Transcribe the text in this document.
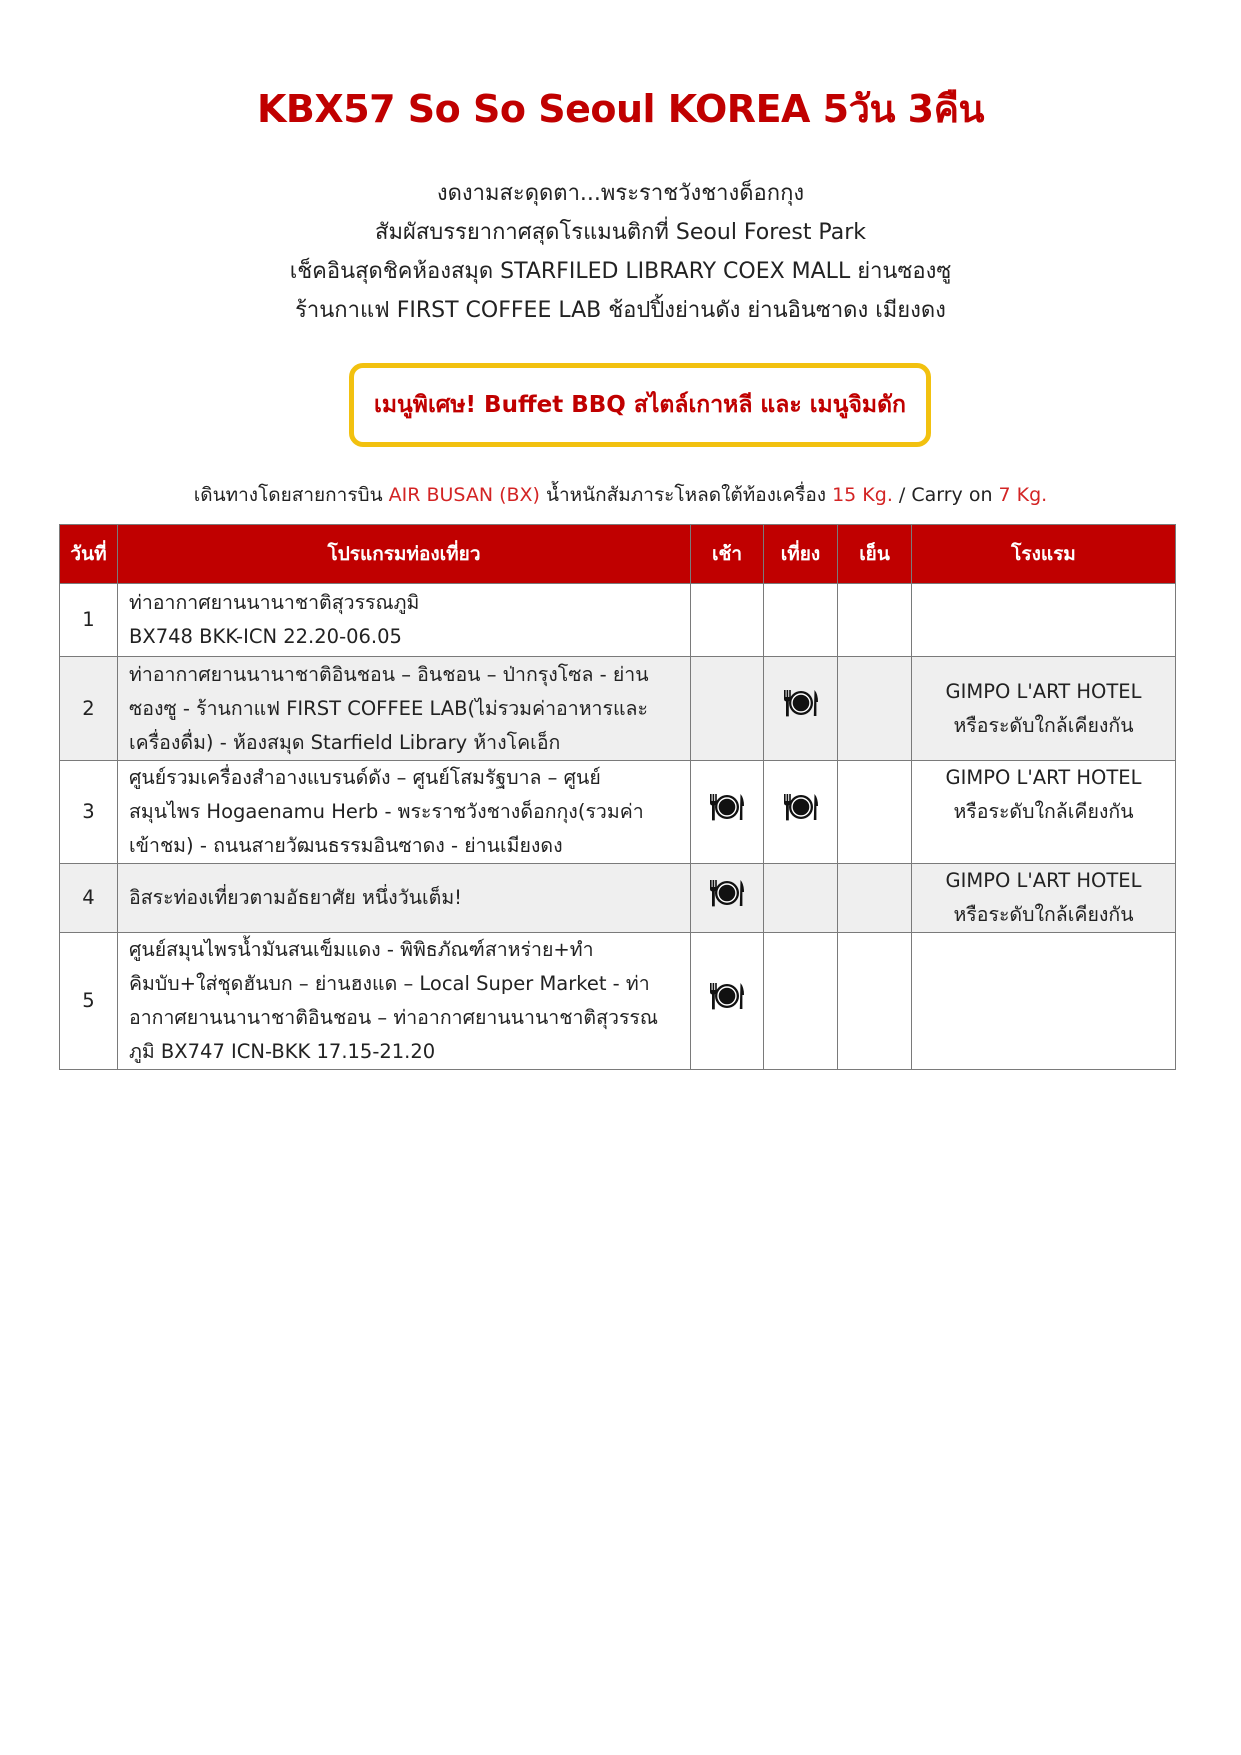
KBX57 So So Seoul KOREA 5วัน 3คืน
งดงามสะดุดตา...พระราชวังชางด็อกกุง
สัมผัสบรรยากาศสุดโรแมนติกที่ Seoul Forest Park
เช็คอินสุดชิคห้องสมุด STARFILED LIBRARY COEX MALL ย่านซองซู
ร้านกาแฟ FIRST COFFEE LAB ช้อปปิ้งย่านดัง ย่านอินซาดง เมียงดง
เมนูพิเศษ! Buffet BBQ สไตล์เกาหลี และ เมนูจิมดัก
เดินทางโดยสายการบิน AIR BUSAN (BX) น้ำหนักสัมภาระโหลดใต้ท้องเครื่อง 15 Kg. / Carry on 7 Kg.
วันที่	โปรแกรมท่องเที่ยว	เช้า	เที่ยง	เย็น	โรงแรม
1	ท่าอากาศยานนานาชาติสุวรรณภูมิ
BX748 BKK-ICN 22.20-06.05				

2	ท่าอากาศยานนานาชาติอินชอน – อินชอน – ป่ากรุงโซล - ย่าน
ซองซู - ร้านกาแฟ FIRST COFFEE LAB(ไม่รวมค่าอาหารและ
เครื่องดื่ม) - ห้องสมุด Starfield Library ห้างโคเอ็ก				GIMPO L'ART HOTEL
หรือระดับใกล้เคียงกัน

3	ศูนย์รวมเครื่องสำอางแบรนด์ดัง – ศูนย์โสมรัฐบาล – ศูนย์
สมุนไพร Hogaenamu Herb - พระราชวังชางด็อกกุง(รวมค่า
เข้าชม) - ถนนสายวัฒนธรรมอินซาดง - ย่านเมียงดง				GIMPO L'ART HOTEL
หรือระดับใกล้เคียงกัน

4	อิสระท่องเที่ยวตามอัธยาศัย หนึ่งวันเต็ม!				GIMPO L'ART HOTEL
หรือระดับใกล้เคียงกัน

5	ศูนย์สมุนไพรน้ำมันสนเข็มแดง - พิพิธภัณฑ์สาหร่าย+ทำ
คิมบับ+ใส่ชุดฮันบก – ย่านฮงแด – Local Super Market - ท่า
อากาศยานนานาชาติอินชอน – ท่าอากาศยานนานาชาติสุวรรณ
ภูมิ BX747 ICN-BKK 17.15-21.20
